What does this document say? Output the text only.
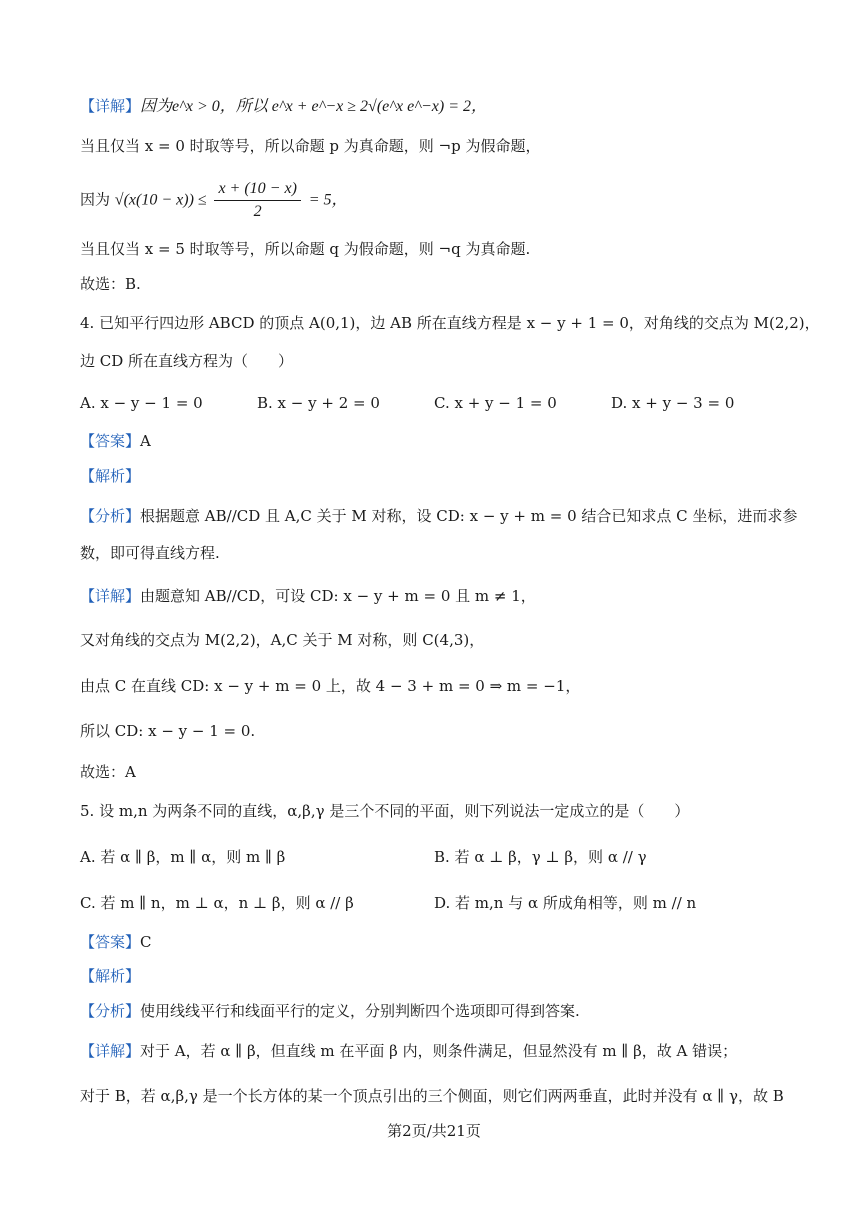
【详解】因为e^x > 0，所以 e^x + e^−x ≥ 2√(e^x e^−x) = 2，
当且仅当 x = 0 时取等号，所以命题 p 为真命题，则 ¬p 为假命题，
因为 $√(x(10 - x)) \le \frac{x + (10 - x)}{2} = 5$，
当且仅当 x = 5 时取等号，所以命题 q 为假命题，则 ¬q 为真命题.
故选：B.
4. 已知平行四边形 ABCD 的顶点 A(0,1)，边 AB 所在直线方程是 x − y + 1 = 0，对角线的交点为 M(2,2)，
边 CD 所在直线方程为（　　）
A. x − y − 1 = 0	B. x − y + 2 = 0	C. x + y − 1 = 0	D. x + y − 3 = 0
【答案】A
【解析】
【分析】根据题意 AB//CD 且 A,C 关于 M 对称，设 CD: x − y + m = 0 结合已知求点 C 坐标，进而求参
数，即可得直线方程.
【详解】由题意知 AB//CD，可设 CD: x − y + m = 0 且 m ≠ 1，
又对角线的交点为 M(2,2)，A,C 关于 M 对称，则 C(4,3)，
由点 C 在直线 CD: x − y + m = 0 上，故 4 − 3 + m = 0 ⇒ m = −1，
所以 CD: x − y − 1 = 0.
故选：A
5. 设 m,n 为两条不同的直线，α,β,γ 是三个不同的平面，则下列说法一定成立的是（　　）
A. 若 α ∥ β，m ∥ α，则 m ∥ β	B. 若 α ⊥ β，γ ⊥ β，则 α // γ
C. 若 m ∥ n，m ⊥ α，n ⊥ β，则 α // β	D. 若 m,n 与 α 所成角相等，则 m // n
【答案】C
【解析】
【分析】使用线线平行和线面平行的定义，分别判断四个选项即可得到答案.
【详解】对于 A，若 α ∥ β，但直线 m 在平面 β 内，则条件满足，但显然没有 m ∥ β，故 A 错误；
对于 B，若 α,β,γ 是一个长方体的某一个顶点引出的三个侧面，则它们两两垂直，此时并没有 α ∥ γ，故 B
第2页/共21页
